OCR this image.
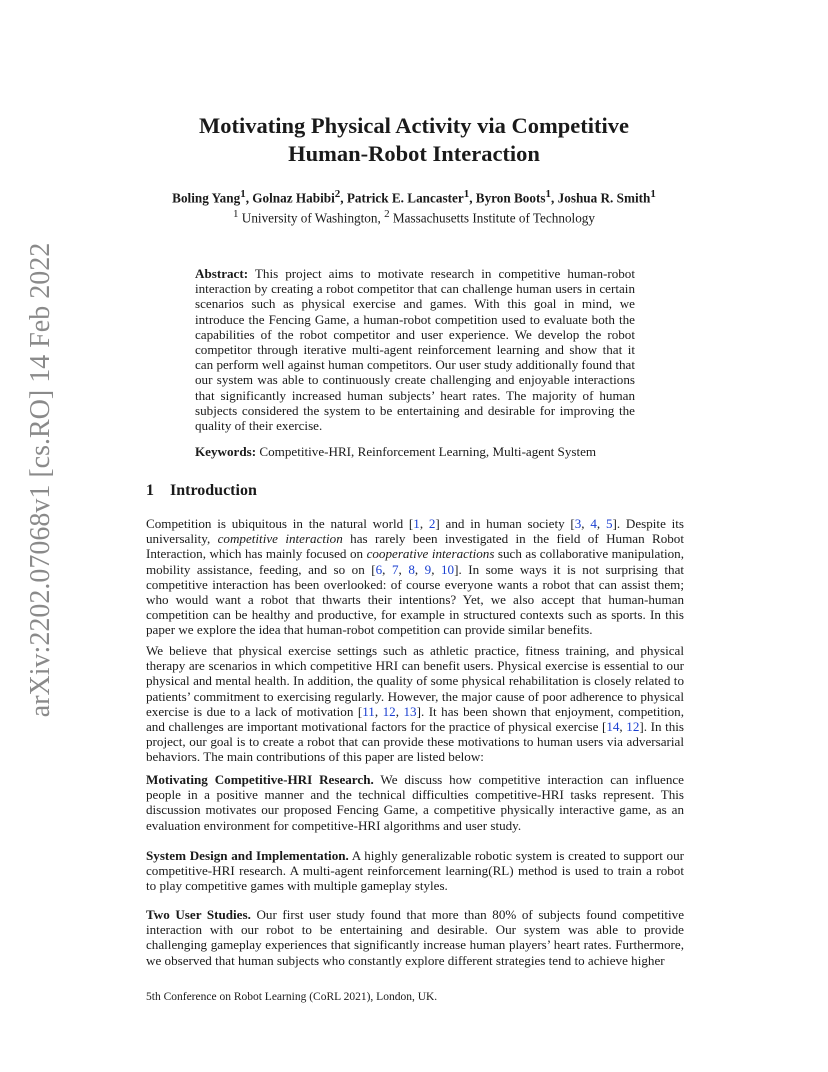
arXiv:2202.07068v1 [cs.RO] 14 Feb 2022
Motivating Physical Activity via Competitive
Human-Robot Interaction
Boling Yang$^1$, Golnaz Habibi$^2$, Patrick E. Lancaster$^1$, Byron Boots$^1$, Joshua R. Smith$^1$
$^1$ University of Washington, $^2$ Massachusetts Institute of Technology
Abstract: This project aims to motivate research in competitive human-robot interaction by creating a robot competitor that can challenge human users in certain scenarios such as physical exercise and games. With this goal in mind, we introduce the Fencing Game, a human-robot competition used to evaluate both the capabilities of the robot competitor and user experience. We develop the robot competitor through iterative multi-agent reinforcement learning and show that it can perform well against human competitors. Our user study additionally found that our system was able to continuously create challenging and enjoyable interactions that significantly increased human subjects’ heart rates. The majority of human subjects considered the system to be entertaining and desirable for improving the quality of their exercise.
Keywords: Competitive-HRI, Reinforcement Learning, Multi-agent System
1 Introduction
Competition is ubiquitous in the natural world [1, 2] and in human society [3, 4, 5]. Despite its universality, competitive interaction has rarely been investigated in the field of Human Robot Interaction, which has mainly focused on cooperative interactions such as collaborative manipulation, mobility assistance, feeding, and so on [6, 7, 8, 9, 10]. In some ways it is not surprising that competitive interaction has been overlooked: of course everyone wants a robot that can assist them; who would want a robot that thwarts their intentions? Yet, we also accept that human-human competition can be healthy and productive, for example in structured contexts such as sports. In this paper we explore the idea that human-robot competition can provide similar benefits.
We believe that physical exercise settings such as athletic practice, fitness training, and physical therapy are scenarios in which competitive HRI can benefit users. Physical exercise is essential to our physical and mental health. In addition, the quality of some physical rehabilitation is closely related to patients’ commitment to exercising regularly. However, the major cause of poor adherence to physical exercise is due to a lack of motivation [11, 12, 13]. It has been shown that enjoyment, competition, and challenges are important motivational factors for the practice of physical exercise [14, 12]. In this project, our goal is to create a robot that can provide these motivations to human users via adversarial behaviors. The main contributions of this paper are listed below:
Motivating Competitive-HRI Research. We discuss how competitive interaction can influence people in a positive manner and the technical difficulties competitive-HRI tasks represent. This discussion motivates our proposed Fencing Game, a competitive physically interactive game, as an evaluation environment for competitive-HRI algorithms and user study.
System Design and Implementation. A highly generalizable robotic system is created to support our competitive-HRI research. A multi-agent reinforcement learning(RL) method is used to train a robot to play competitive games with multiple gameplay styles.
Two User Studies. Our first user study found that more than 80% of subjects found competitive interaction with our robot to be entertaining and desirable. Our system was able to provide challenging gameplay experiences that significantly increase human players’ heart rates. Furthermore, we observed that human subjects who constantly explore different strategies tend to achieve higher
5th Conference on Robot Learning (CoRL 2021), London, UK.
